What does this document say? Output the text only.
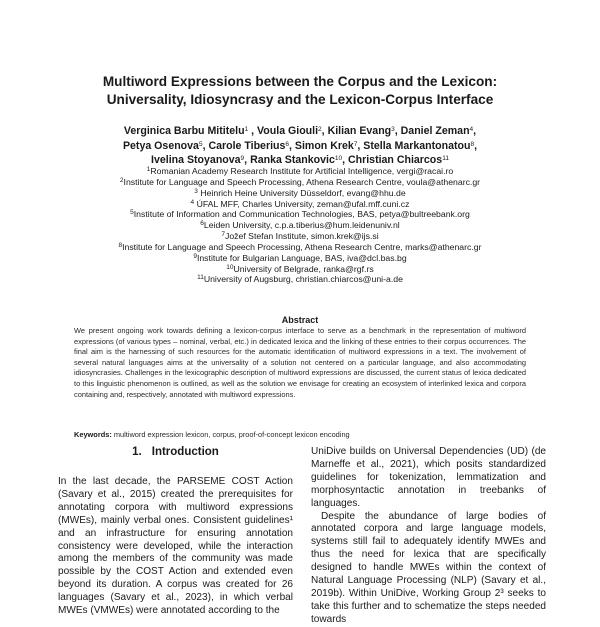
Multiword Expressions between the Corpus and the Lexicon:
Universality, Idiosyncrasy and the Lexicon-Corpus Interface

Verginica Barbu Mititelu$^1$ , Voula Giouli$^2$, Kilian Evang$^3$, Daniel Zeman$^4$,
Petya Osenova$^5$, Carole Tiberius$^6$, Simon Krek$^7$, Stella Markantonatou$^8$,
Ivelina Stoyanova$^9$, Ranka Stankovic$^{10}$, Christian Chiarcos$^{11}$

$^1$Romanian Academy Research Institute for Artificial Intelligence, vergi@racai.ro
$^2$Institute for Language and Speech Processing, Athena Research Centre, voula@athenarc.gr
$^3$ Heinrich Heine University Düsseldorf, evang@hhu.de
$^4$ ÚFAL MFF, Charles University, zeman@ufal.mff.cuni.cz
$^5$Institute of Information and Communication Technologies, BAS, petya@bultreebank.org
$^6$Leiden University, c.p.a.tiberius@hum.leidenuniv.nl
$^7$Jožef Stefan Institute, simon.krek@ijs.si
$^8$Institute for Language and Speech Processing, Athena Research Centre, marks@athenarc.gr
$^9$Institute for Bulgarian Language, BAS, iva@dcl.bas.bg
$^{10}$University of Belgrade, ranka@rgf.rs
$^{11}$University of Augsburg, christian.chiarcos@uni-a.de
Abstract

We present ongoing work towards defining a lexicon-corpus interface to serve as a benchmark in the representation of multiword expressions (of various types – nominal, verbal, etc.) in dedicated lexica and the linking of these entries to their corpus occurrences. The final aim is the harnessing of such resources for the automatic identification of multiword expressions in a text. The involvement of several natural languages aims at the universality of a solution not centered on a particular language, and also accommodating idiosyncrasies. Challenges in the lexicographic description of multiword expressions are discussed, the current status of lexica dedicated to this linguistic phenomenon is outlined, as well as the solution we envisage for creating an ecosystem of interlinked lexica and corpora containing and, respectively, annotated with multiword expressions.

Keywords: multiword expression lexicon, corpus, proof-of-concept lexicon encoding

1. Introduction

In the last decade, the PARSEME COST Action (Savary et al., 2015) created the prerequisites for annotating corpora with multiword expressions (MWEs), mainly verbal ones. Consistent guidelines¹ and an infrastructure for ensuring annotation consistency were developed, while the interaction among the members of the community was made possible by the COST Action and extended even beyond its duration. A corpus was created for 26 languages (Savary et al., 2023), in which verbal MWEs (VMWEs) were annotated according to the

UniDive builds on Universal Dependencies (UD) (de Marneffe et al., 2021), which posits standardized guidelines for tokenization, lemmatization and morphosyntactic annotation in treebanks of languages.

Despite the abundance of large bodies of annotated corpora and large language models, systems still fail to adequately identify MWEs and thus the need for lexica that are specifically designed to handle MWEs within the context of Natural Language Processing (NLP) (Savary et al., 2019b). Within UniDive, Working Group 2³ seeks to take this further and to schematize the steps needed towards
